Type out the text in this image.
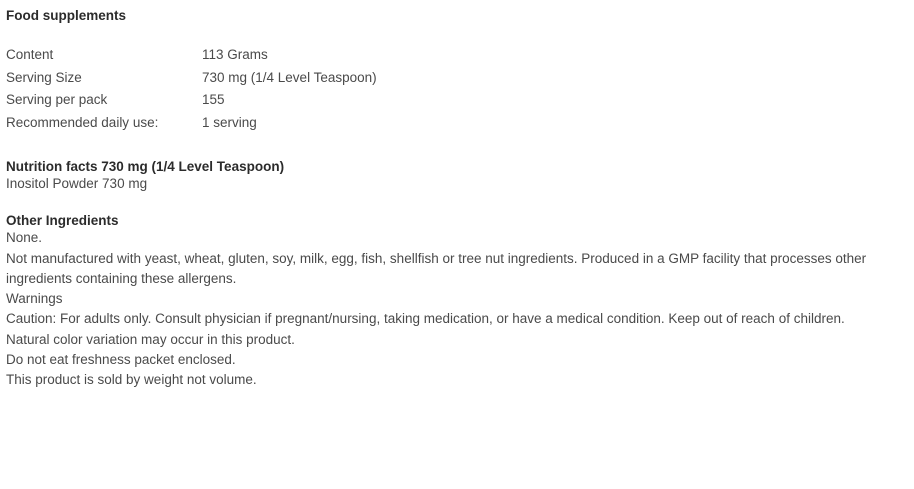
Food supplements
Content	113 Grams
Serving Size	730 mg (1/4 Level Teaspoon)
Serving per pack	155
Recommended daily use:	1 serving
Nutrition facts 730 mg (1/4 Level Teaspoon)

Inositol Powder 730 mg

Other Ingredients

None.

Not manufactured with yeast, wheat, gluten, soy, milk, egg, fish, shellfish or tree nut ingredients. Produced in a GMP facility that processes other ingredients containing these allergens.

Warnings

Caution: For adults only. Consult physician if pregnant/nursing, taking medication, or have a medical condition. Keep out of reach of children.

Natural color variation may occur in this product.

Do not eat freshness packet enclosed.

This product is sold by weight not volume.
